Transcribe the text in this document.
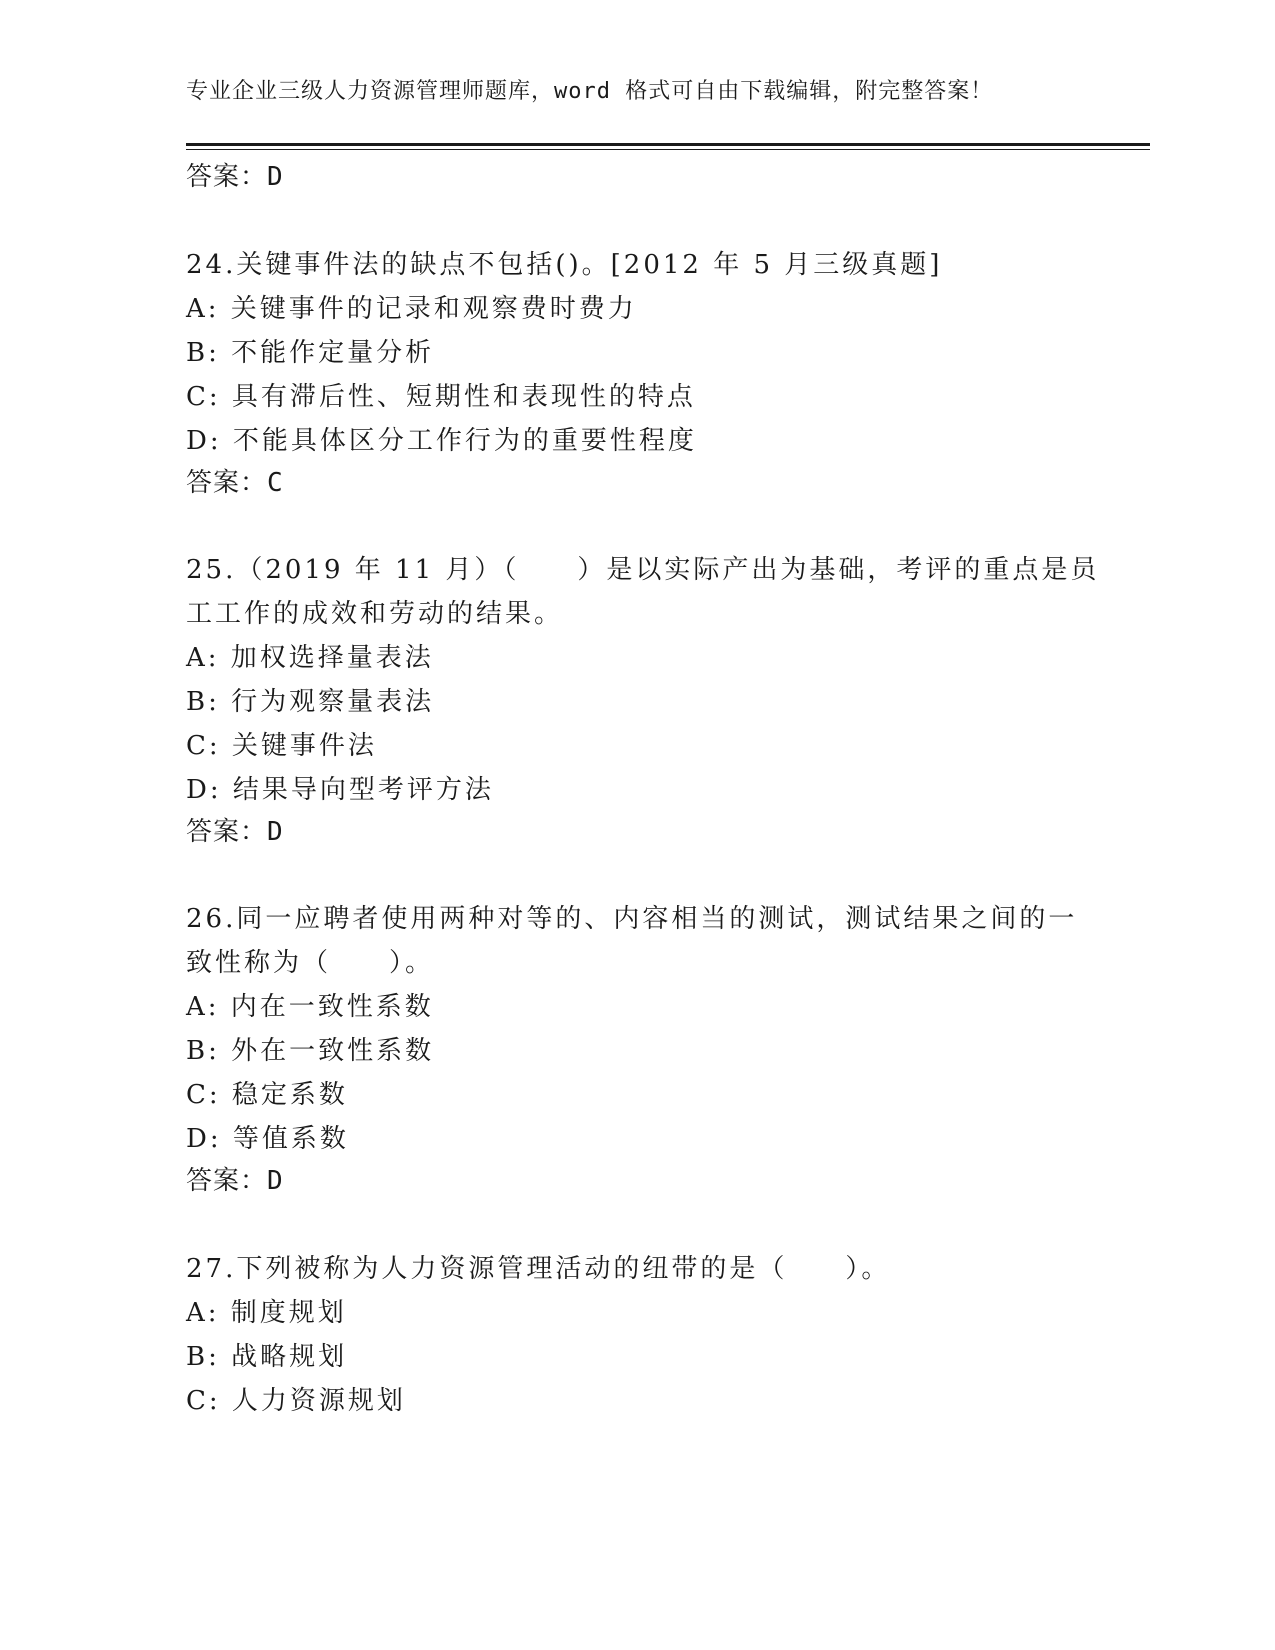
专业企业三级人力资源管理师题库，word 格式可自由下载编辑，附完整答案！
答案：D
24.关键事件法的缺点不包括()。[2012 年 5 月三级真题]
A: 关键事件的记录和观察费时费力
B: 不能作定量分析
C: 具有滞后性、短期性和表现性的特点
D: 不能具体区分工作行为的重要性程度
答案：C
25.（2019 年 11 月）（　　）是以实际产出为基础，考评的重点是员
工工作的成效和劳动的结果。
A: 加权选择量表法
B: 行为观察量表法
C: 关键事件法
D: 结果导向型考评方法
答案：D
26.同一应聘者使用两种对等的、内容相当的测试，测试结果之间的一
致性称为（　　）。
A: 内在一致性系数
B: 外在一致性系数
C: 稳定系数
D: 等值系数
答案：D
27.下列被称为人力资源管理活动的纽带的是（　　）。
A: 制度规划
B: 战略规划
C: 人力资源规划
